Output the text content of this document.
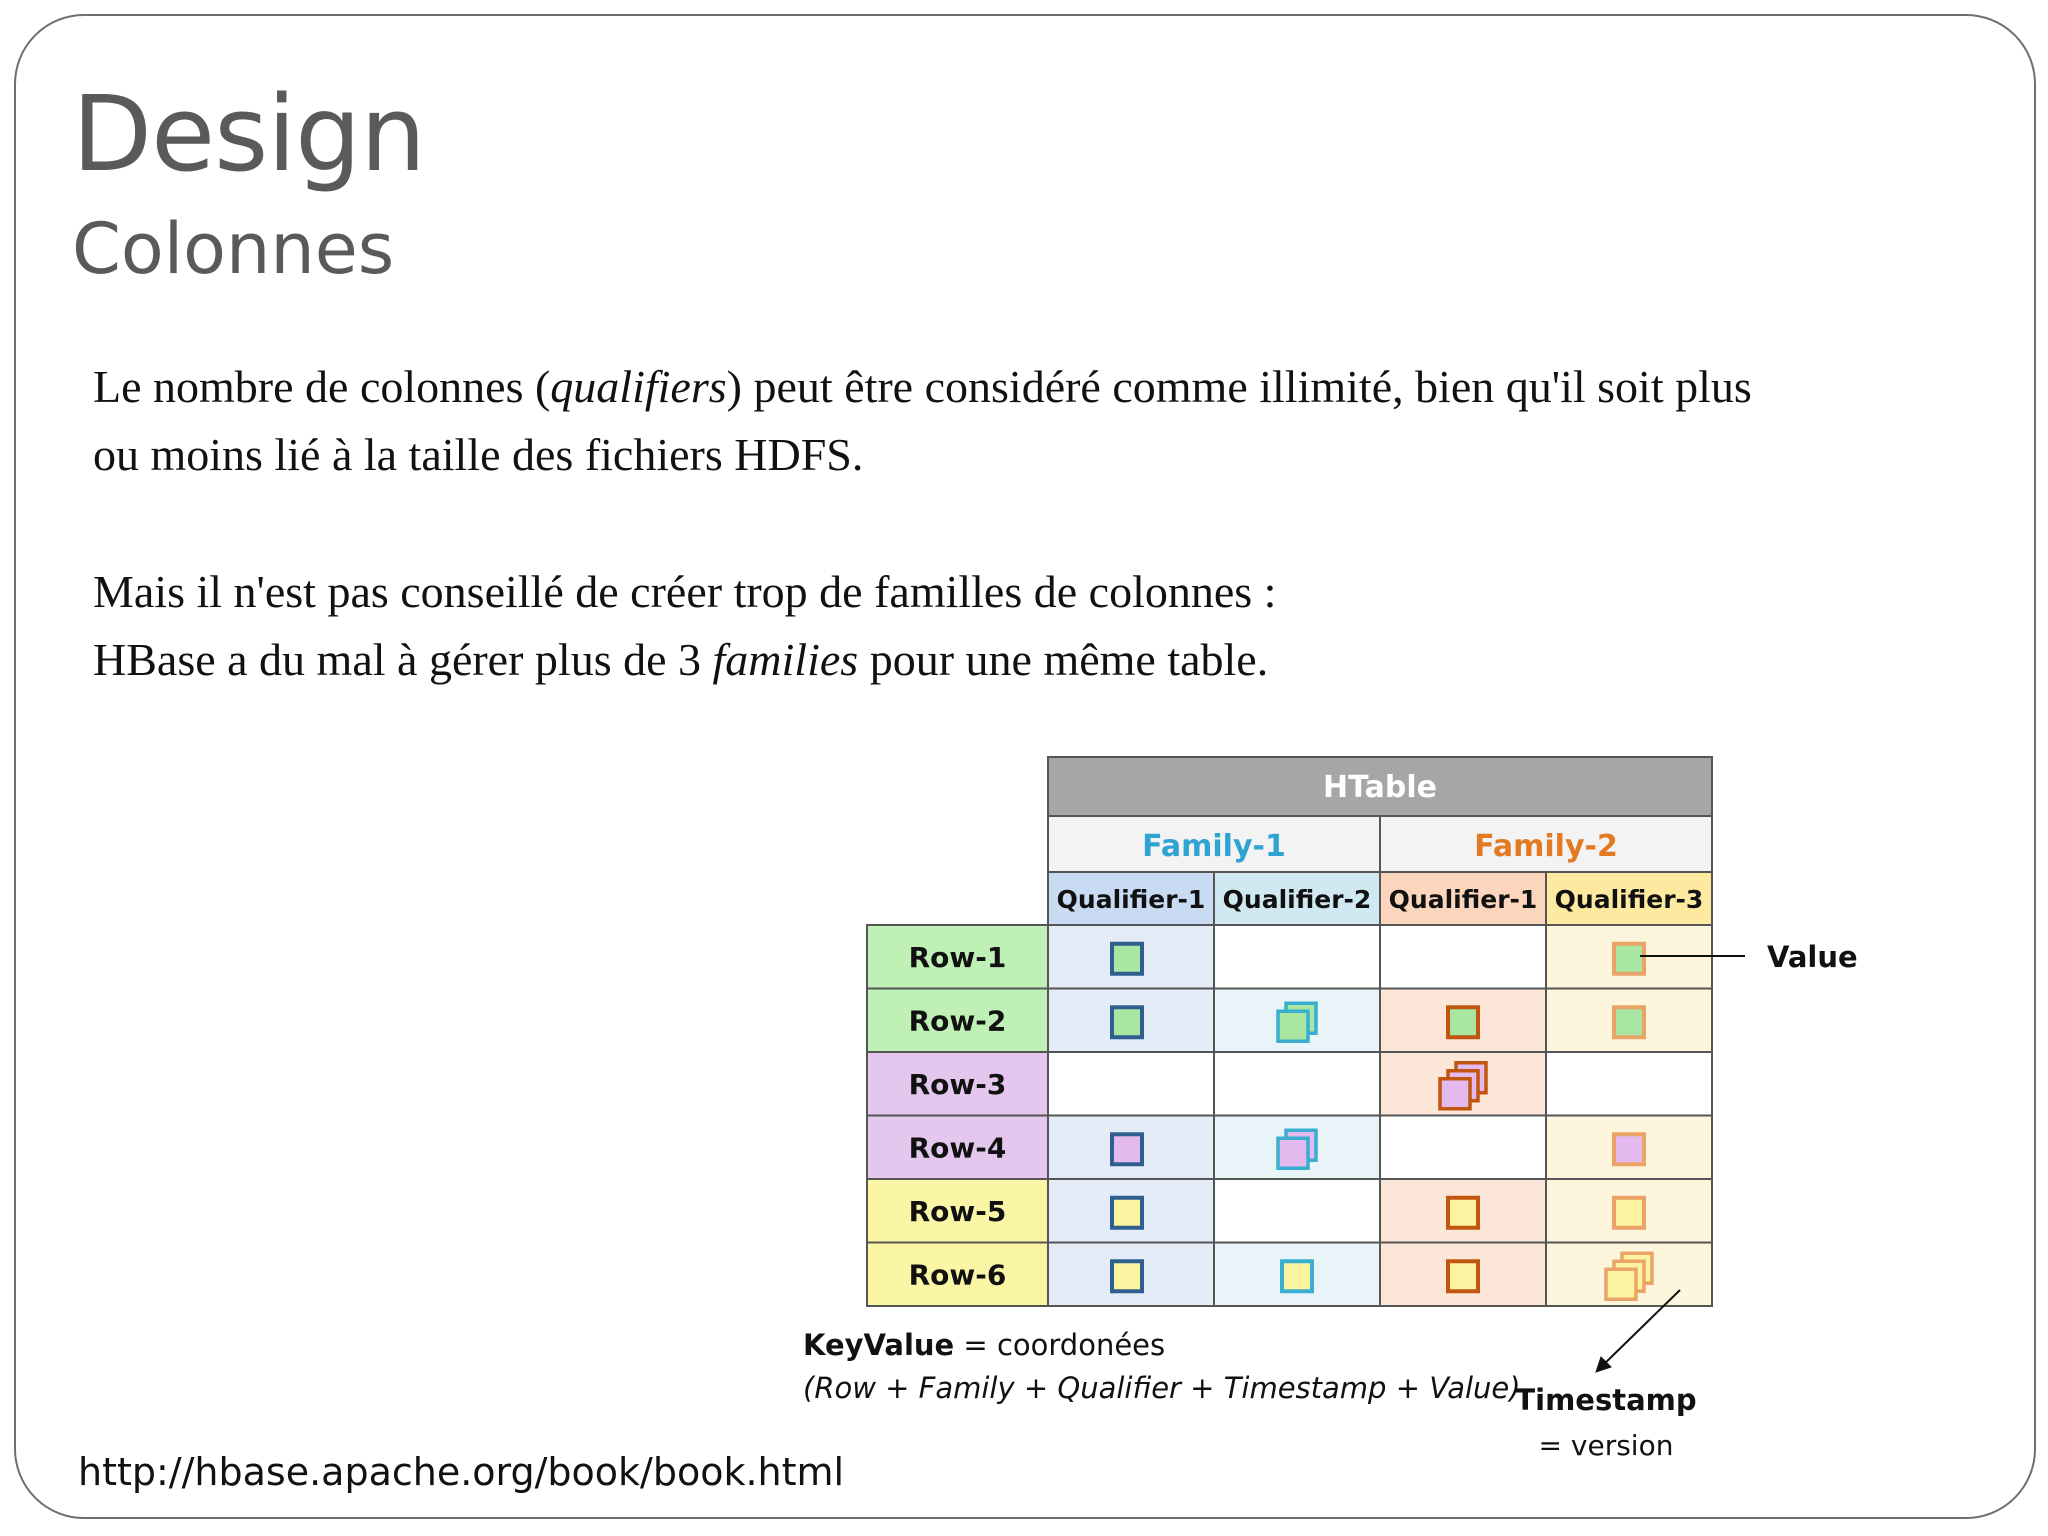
Design
Colonnes
Le nombre de colonnes (qualifiers) peut être considéré comme illimité, bien qu'il soit plus
ou moins lié à la taille des fichiers HDFS.
Mais il n'est pas conseillé de créer trop de familles de colonnes :
HBase a du mal à gérer plus de 3 families pour une même table.
HTable
Family-1	Family-2
Qualifier-1 Qualifier-2 Qualifier-1 Qualifier-3
Row-1
Row-2
Row-3
Row-4
Row-5
Row-6
Value
Timestamp
= version
KeyValue = coordonées
(Row + Family + Qualifier + Timestamp + Value)
http://hbase.apache.org/book/book.html
